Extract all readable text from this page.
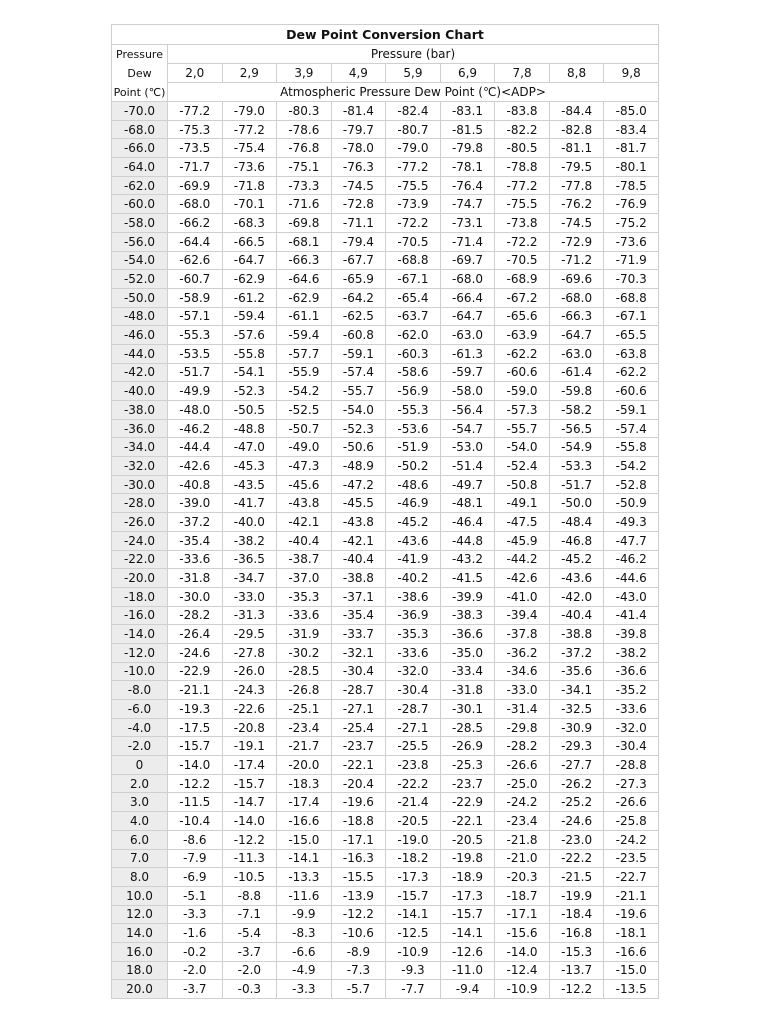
Dew Point Conversion Chart									

Pressure
Dew
Point (℃)	Pressure (bar)								
	2,0	2,9	3,9	4,9	5,9	6,9	7,8	8,8	9,8
	Atmospheric Pressure Dew Point (℃)<ADP>								
-70.0	-77.2	-79.0	-80.3	-81.4	-82.4	-83.1	-83.8	-84.4	-85.0
-68.0	-75.3	-77.2	-78.6	-79.7	-80.7	-81.5	-82.2	-82.8	-83.4
-66.0	-73.5	-75.4	-76.8	-78.0	-79.0	-79.8	-80.5	-81.1	-81.7
-64.0	-71.7	-73.6	-75.1	-76.3	-77.2	-78.1	-78.8	-79.5	-80.1
-62.0	-69.9	-71.8	-73.3	-74.5	-75.5	-76.4	-77.2	-77.8	-78.5
-60.0	-68.0	-70.1	-71.6	-72.8	-73.9	-74.7	-75.5	-76.2	-76.9
-58.0	-66.2	-68.3	-69.8	-71.1	-72.2	-73.1	-73.8	-74.5	-75.2
-56.0	-64.4	-66.5	-68.1	-79.4	-70.5	-71.4	-72.2	-72.9	-73.6
-54.0	-62.6	-64.7	-66.3	-67.7	-68.8	-69.7	-70.5	-71.2	-71.9
-52.0	-60.7	-62.9	-64.6	-65.9	-67.1	-68.0	-68.9	-69.6	-70.3
-50.0	-58.9	-61.2	-62.9	-64.2	-65.4	-66.4	-67.2	-68.0	-68.8
-48.0	-57.1	-59.4	-61.1	-62.5	-63.7	-64.7	-65.6	-66.3	-67.1
-46.0	-55.3	-57.6	-59.4	-60.8	-62.0	-63.0	-63.9	-64.7	-65.5
-44.0	-53.5	-55.8	-57.7	-59.1	-60.3	-61.3	-62.2	-63.0	-63.8
-42.0	-51.7	-54.1	-55.9	-57.4	-58.6	-59.7	-60.6	-61.4	-62.2
-40.0	-49.9	-52.3	-54.2	-55.7	-56.9	-58.0	-59.0	-59.8	-60.6
-38.0	-48.0	-50.5	-52.5	-54.0	-55.3	-56.4	-57.3	-58.2	-59.1
-36.0	-46.2	-48.8	-50.7	-52.3	-53.6	-54.7	-55.7	-56.5	-57.4
-34.0	-44.4	-47.0	-49.0	-50.6	-51.9	-53.0	-54.0	-54.9	-55.8
-32.0	-42.6	-45.3	-47.3	-48.9	-50.2	-51.4	-52.4	-53.3	-54.2
-30.0	-40.8	-43.5	-45.6	-47.2	-48.6	-49.7	-50.8	-51.7	-52.8
-28.0	-39.0	-41.7	-43.8	-45.5	-46.9	-48.1	-49.1	-50.0	-50.9
-26.0	-37.2	-40.0	-42.1	-43.8	-45.2	-46.4	-47.5	-48.4	-49.3
-24.0	-35.4	-38.2	-40.4	-42.1	-43.6	-44.8	-45.9	-46.8	-47.7
-22.0	-33.6	-36.5	-38.7	-40.4	-41.9	-43.2	-44.2	-45.2	-46.2
-20.0	-31.8	-34.7	-37.0	-38.8	-40.2	-41.5	-42.6	-43.6	-44.6
-18.0	-30.0	-33.0	-35.3	-37.1	-38.6	-39.9	-41.0	-42.0	-43.0
-16.0	-28.2	-31.3	-33.6	-35.4	-36.9	-38.3	-39.4	-40.4	-41.4
-14.0	-26.4	-29.5	-31.9	-33.7	-35.3	-36.6	-37.8	-38.8	-39.8
-12.0	-24.6	-27.8	-30.2	-32.1	-33.6	-35.0	-36.2	-37.2	-38.2
-10.0	-22.9	-26.0	-28.5	-30.4	-32.0	-33.4	-34.6	-35.6	-36.6
-8.0	-21.1	-24.3	-26.8	-28.7	-30.4	-31.8	-33.0	-34.1	-35.2
-6.0	-19.3	-22.6	-25.1	-27.1	-28.7	-30.1	-31.4	-32.5	-33.6
-4.0	-17.5	-20.8	-23.4	-25.4	-27.1	-28.5	-29.8	-30.9	-32.0
-2.0	-15.7	-19.1	-21.7	-23.7	-25.5	-26.9	-28.2	-29.3	-30.4
0	-14.0	-17.4	-20.0	-22.1	-23.8	-25.3	-26.6	-27.7	-28.8
2.0	-12.2	-15.7	-18.3	-20.4	-22.2	-23.7	-25.0	-26.2	-27.3
3.0	-11.5	-14.7	-17.4	-19.6	-21.4	-22.9	-24.2	-25.2	-26.6
4.0	-10.4	-14.0	-16.6	-18.8	-20.5	-22.1	-23.4	-24.6	-25.8
6.0	-8.6	-12.2	-15.0	-17.1	-19.0	-20.5	-21.8	-23.0	-24.2
7.0	-7.9	-11.3	-14.1	-16.3	-18.2	-19.8	-21.0	-22.2	-23.5
8.0	-6.9	-10.5	-13.3	-15.5	-17.3	-18.9	-20.3	-21.5	-22.7
10.0	-5.1	-8.8	-11.6	-13.9	-15.7	-17.3	-18.7	-19.9	-21.1
12.0	-3.3	-7.1	-9.9	-12.2	-14.1	-15.7	-17.1	-18.4	-19.6
14.0	-1.6	-5.4	-8.3	-10.6	-12.5	-14.1	-15.6	-16.8	-18.1
16.0	-0.2	-3.7	-6.6	-8.9	-10.9	-12.6	-14.0	-15.3	-16.6
18.0	-2.0	-2.0	-4.9	-7.3	-9.3	-11.0	-12.4	-13.7	-15.0
20.0	-3.7	-0.3	-3.3	-5.7	-7.7	-9.4	-10.9	-12.2	-13.5
